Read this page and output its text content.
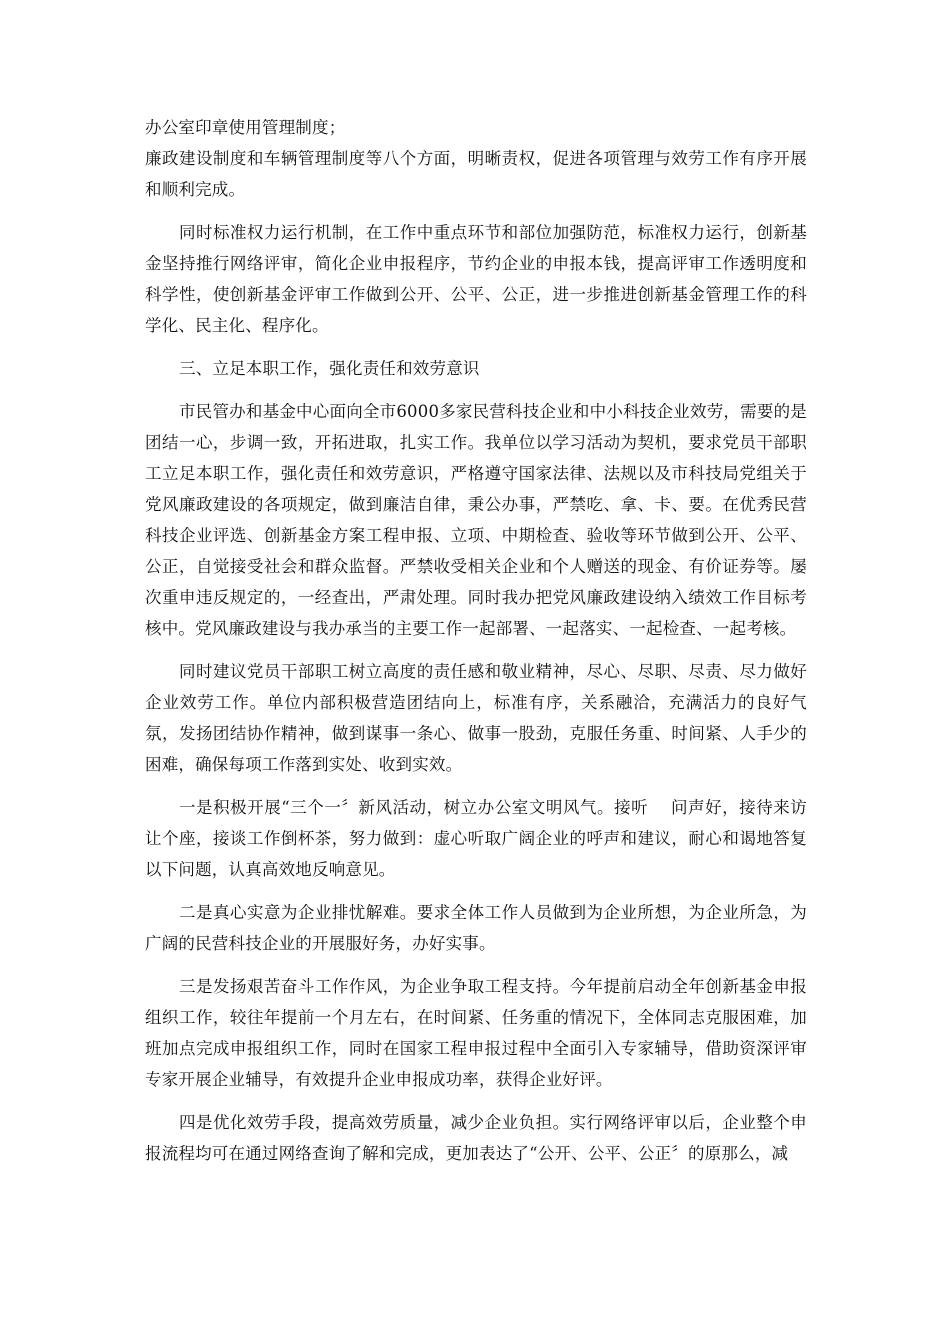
办公室印章使用管理制度；

廉政建设制度和车辆管理制度等八个方面，明晰责权，促进各项管理与效劳工作有序开展和顺利完成。

同时标准权力运行机制，在工作中重点环节和部位加强防范，标准权力运行，创新基金坚持推行网络评审，简化企业申报程序，节约企业的申报本钱，提高评审工作透明度和科学性，使创新基金评审工作做到公开、公平、公正，进一步推进创新基金管理工作的科学化、民主化、程序化。

三、立足本职工作，强化责任和效劳意识

市民管办和基金中心面向全市6000多家民营科技企业和中小科技企业效劳，需要的是团结一心，步调一致，开拓进取，扎实工作。我单位以学习活动为契机，要求党员干部职工立足本职工作，强化责任和效劳意识，严格遵守国家法律、法规以及市科技局党组关于党风廉政建设的各项规定，做到廉洁自律，秉公办事，严禁吃、拿、卡、要。在优秀民营科技企业评选、创新基金方案工程申报、立项、中期检查、验收等环节做到公开、公平、公正，自觉接受社会和群众监督。严禁收受相关企业和个人赠送的现金、有价证券等。屡次重申违反规定的，一经查出，严肃处理。同时我办把党风廉政建设纳入绩效工作目标考核中。党风廉政建设与我办承当的主要工作一起部署、一起落实、一起检查、一起考核。

同时建议党员干部职工树立高度的责任感和敬业精神，尽心、尽职、尽责、尽力做好企业效劳工作。单位内部积极营造团结向上，标准有序，关系融洽，充满活力的良好气氛，发扬团结协作精神，做到谋事一条心、做事一股劲，克服任务重、时间紧、人手少的困难，确保每项工作落到实处、收到实效。

一是积极开展“三个一〞新风活动，树立办公室文明风气。接听　 问声好，接待来访让个座，接谈工作倒杯茶，努力做到：虚心听取广阔企业的呼声和建议，耐心和谒地答复以下问题，认真高效地反响意见。

二是真心实意为企业排忧解难。要求全体工作人员做到为企业所想，为企业所急，为广阔的民营科技企业的开展服好务，办好实事。

三是发扬艰苦奋斗工作作风，为企业争取工程支持。今年提前启动全年创新基金申报组织工作，较往年提前一个月左右，在时间紧、任务重的情况下，全体同志克服困难，加班加点完成申报组织工作，同时在国家工程申报过程中全面引入专家辅导，借助资深评审专家开展企业辅导，有效提升企业申报成功率，获得企业好评。

四是优化效劳手段，提高效劳质量，减少企业负担。实行网络评审以后，企业整个申报流程均可在通过网络查询了解和完成，更加表达了“公开、公平、公正〞的原那么，减
